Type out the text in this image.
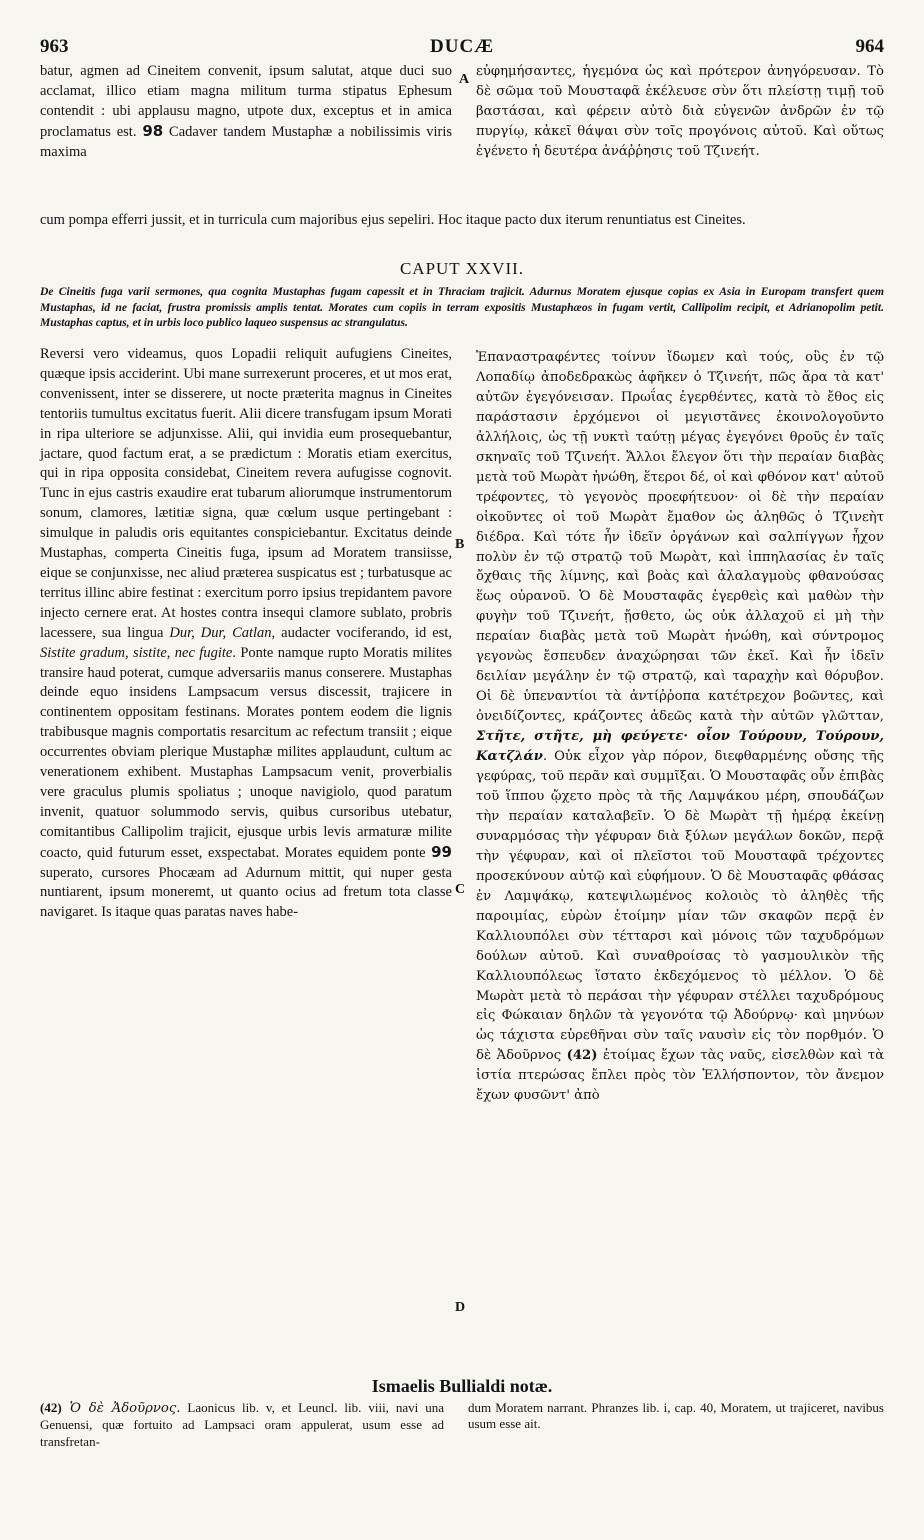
963	DUCÆ	964

batur, agmen ad Cineitem convenit, ipsum salutat, atque duci suo acclamat, illico etiam magna militum turma stipatus Ephesum contendit : ubi applausu magno, utpote dux, exceptus et in amica proclamatus est. 98 Cadaver tandem Mustaphæ a nobilissimis viris maxima

A

εὐφημήσαντες, ἡγεμόνα ὡς καὶ πρότερον ἀνηγόρευσαν. Τὸ δὲ σῶμα τοῦ Μουσταφᾶ ἐκέλευσε σὺν ὅτι πλείστῃ τιμῇ τοῦ βαστάσαι, καὶ φέρειν αὐτὸ διὰ εὐγενῶν ἀνδρῶν ἐν τῷ πυργίῳ, κἀκεῖ θάψαι σὺν τοῖς προγόνοις αὐτοῦ. Καὶ οὕτως ἐγένετο ἡ δευτέρα ἀνάῤῥησις τοῦ Τζινεήτ.

cum pompa efferri jussit, et in turricula cum majoribus ejus sepeliri. Hoc itaque pacto dux iterum renuntiatus est Cineites.

CAPUT XXVII.

De Cineitis fuga varii sermones, qua cognita Mustaphas fugam capessit et in Thraciam trajicit. Adurnus Moratem ejusque copias ex Asia in Europam transfert quem Mustaphas, id ne faciat, frustra promissis amplis tentat. Morates cum copiis in terram expositis Mustaphæos in fugam vertit, Callipolim recipit, et Adrianopolim petit. Mustaphas captus, et in urbis loco publico laqueo suspensus ac strangulatus.

Reversi vero videamus, quos Lopadii reliquit aufugiens Cineites, quæque ipsis acciderint. Ubi mane surrexerunt proceres, et ut mos erat, convenissent, inter se disserere, ut nocte præterita magnus in Cineites tentoriis tumultus excitatus fuerit. Alii dicere transfugam ipsum Morati in ripa ulteriore se adjunxisse. Alii, qui invidia eum prosequebantur, jactare, quod factum erat, a se prædictum : Moratis etiam exercitus, qui in ripa opposita considebat, Cineitem revera aufugisse cognovit. Tunc in ejus castris exaudire erat tubarum aliorumque instrumentorum sonum, clamores, lætitiæ signa, quæ cœlum usque pertingebant : simulque in paludis oris equitantes conspiciebantur. Excitatus deinde Mustaphas, comperta Cineitis fuga, ipsum ad Moratem transiisse, eique se conjunxisse, nec aliud præterea suspicatus est ; turbatusque ac territus illinc abire festinat : exercitum porro ipsius trepidantem pavore injecto cernere erat. At hostes contra insequi clamore sublato, probris lacessere, sua lingua Dur, Dur, Catlan, audacter vociferando, id est, Sistite gradum, sistite, nec fugite. Ponte namque rupto Moratis milites transire haud poterat, cumque adversariis manus conserere. Mustaphas deinde equo insidens Lampsacum versus discessit, trajicere in continentem oppositam festinans. Morates pontem eodem die lignis trabibusque magnis comportatis resarcitum ac refectum transiit ; eique occurrentes obviam plerique Mustaphæ milites applaudunt, cultum ac venerationem exhibent. Mustaphas Lampsacum venit, proverbialis vere graculus plumis spoliatus ; unoque navigiolo, quod paratum invenit, quatuor solummodo servis, quibus cursoribus utebatur, comitantibus Callipolim trajicit, ejusque urbis levis armaturæ milite coacto, quid futurum esset, exspectabat. Morates equidem ponte 99 superato, cursores Phocæam ad Adurnum mittit, qui nuper gesta nuntiarent, ipsum moneremt, ut quanto ocius ad fretum tota classe navigaret. Is itaque quas paratas naves habe-

B
C
D

Ἐπαναστραφέντες τοίνυν ἴδωμεν καὶ τούς, οὓς ἐν τῷ Λοπαδίῳ ἀποδεδρακὼς ἀφῆκεν ὁ Τζινεήτ, πῶς ἄρα τὰ κατ' αὐτῶν ἐγεγόνεισαν. Πρωΐας ἐγερθέντες, κατὰ τὸ ἔθος εἰς παράστασιν ἐρχόμενοι οἱ μεγιστᾶνες ἐκοινολογοῦντο ἀλλήλοις, ὡς τῇ νυκτὶ ταύτῃ μέγας ἐγεγόνει θροῦς ἐν ταῖς σκηναῖς τοῦ Τζινεήτ. Ἄλλοι ἔλεγον ὅτι τὴν περαίαν διαβὰς μετὰ τοῦ Μωρὰτ ἡνώθη, ἕτεροι δέ, οἱ καὶ φθόνον κατ' αὐτοῦ τρέφοντες, τὸ γεγονὸς προεφήτευον· οἱ δὲ τὴν περαίαν οἰκοῦντες οἱ τοῦ Μωρὰτ ἔμαθον ὡς ἀληθῶς ὁ Τζινεὴτ διέδρα. Καὶ τότε ἦν ἰδεῖν ὀργάνων καὶ σαλπίγγων ἦχον πολὺν ἐν τῷ στρατῷ τοῦ Μωρὰτ, καὶ ἱππηλασίας ἐν ταῖς ὄχθαις τῆς λίμνης, καὶ βοὰς καὶ ἀλαλαγμοὺς φθανούσας ἕως οὐρανοῦ. Ὁ δὲ Μουσταφᾶς ἐγερθεὶς καὶ μαθὼν τὴν φυγὴν τοῦ Τζινεήτ, ᾔσθετο, ὡς οὐκ ἀλλαχοῦ εἰ μὴ τὴν περαίαν διαβὰς μετὰ τοῦ Μωρὰτ ἡνώθη, καὶ σύντρομος γεγονὼς ἔσπευδεν ἀναχώρησαι τῶν ἐκεῖ. Καὶ ἦν ἰδεῖν δειλίαν μεγάλην ἐν τῷ στρατῷ, καὶ ταραχὴν καὶ θόρυβον. Οἱ δὲ ὑπεναντίοι τὰ ἀντίῤῥοπα κατέτρεχον βοῶντες, καὶ ὀνειδίζοντες, κράζοντες ἀδεῶς κατὰ τὴν αὐτῶν γλῶτταν, Στῆτε, στῆτε, μὴ φεύγετε· οἷον Τούρουν, Τούρουν, Κατζλάν. Οὐκ εἶχον γὰρ πόρον, διεφθαρμένης οὔσης τῆς γεφύρας, τοῦ περᾶν καὶ συμμῖξαι. Ὁ Μουσταφᾶς οὖν ἐπιβὰς τοῦ ἵππου ᾤχετο πρὸς τὰ τῆς Λαμψάκου μέρη, σπουδάζων τὴν περαίαν καταλαβεῖν. Ὁ δὲ Μωρὰτ τῇ ἡμέρᾳ ἐκείνῃ συναρμόσας τὴν γέφυραν διὰ ξύλων μεγάλων δοκῶν, περᾷ τὴν γέφυραν, καὶ οἱ πλεῖστοι τοῦ Μουσταφᾶ τρέχοντες προσεκύνουν αὐτῷ καὶ εὐφήμουν. Ὁ δὲ Μουσταφᾶς φθάσας ἐν Λαμψάκῳ, κατεψιλωμένος κολοιὸς τὸ ἀληθὲς τῆς παροιμίας, εὑρὼν ἑτοίμην μίαν τῶν σκαφῶν περᾷ ἐν Καλλιουπόλει σὺν τέτταρσι καὶ μόνοις τῶν ταχυδρόμων δούλων αὐτοῦ. Καὶ συναθροίσας τὸ γασμουλικὸν τῆς Καλλιουπόλεως ἵστατο ἐκδεχόμενος τὸ μέλλον. Ὁ δὲ Μωρὰτ μετὰ τὸ περάσαι τὴν γέφυραν στέλλει ταχυδρόμους εἰς Φώκαιαν δηλῶν τὰ γεγονότα τῷ Ἀδούρνῳ· καὶ μηνύων ὡς τάχιστα εὑρεθῆναι σὺν ταῖς ναυσὶν εἰς τὸν πορθμόν. Ὁ δὲ Ἀδοῦρνος (42) ἑτοίμας ἔχων τὰς ναῦς, εἰσελθὼν καὶ τὰ ἱστία πτερώσας ἔπλει πρὸς τὸν Ἑλλήσποντον, τὸν ἄνεμον ἔχων φυσῶντ' ἀπὸ

Ismaelis Bullialdi notæ.

(42) Ὁ δὲ Ἀδοῦρνος. Laonicus lib. v, et Leuncl. lib. viii, navi una Genuensi, quæ fortuito ad Lampsaci oram appulerat, usum esse ad transfretan-

dum Moratem narrant. Phranzes lib. i, cap. 40, Moratem, ut trajiceret, navibus usum esse ait.
